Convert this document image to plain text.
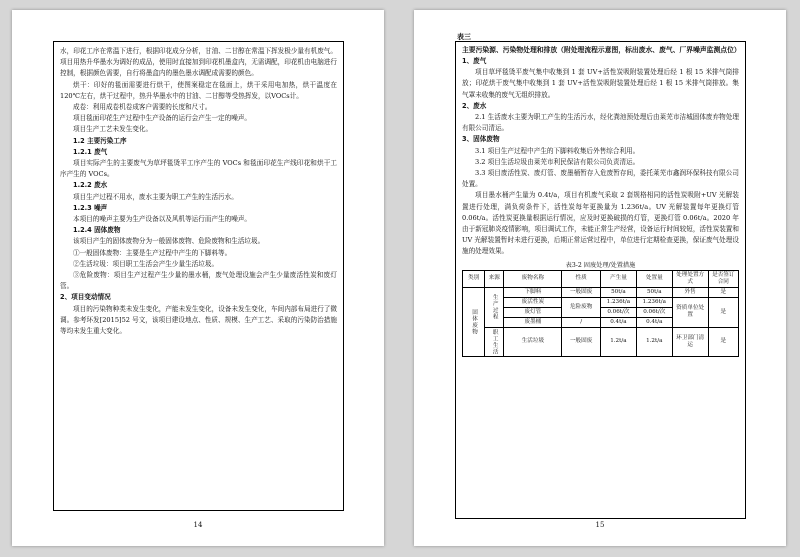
水，印花工序在常温下进行，根据印花成分分析，甘油、二甘醇在常温下挥发极少量有机废气。项目用热升华墨水为调好的成品，使用时直接加到印花机墨盒内，无需调配，印花机由电脑进行控制，根据颜色需要，自行将墨盒内的墨色墨水调配成需要的颜色。

烘干：印好的毯面需要进行烘干，使图案稳定在毯面上，烘干采用电加热，烘干温度在120℃左右，烘干过程中，热升华墨水中的甘油、二甘醇等受热挥发，以VOCs计。

成卷：利用成卷机卷成客户需要的长度和尺寸。

项目毯面印花生产过程中生产设备的运行会产生一定的噪声。

项目生产工艺未发生变化。

1.2 主要污染工序
1.2.1 废气

项目实际产生的主要废气为草坪毯烫平工序产生的 VOCs 和毯面印花生产线印花和烘干工序产生的 VOCs。

1.2.2 废水

项目生产过程不用水，废水主要为职工产生的生活污水。

1.2.3 噪声

本项目的噪声主要为生产设备以及风机等运行而产生的噪声。

1.2.4 固体废物

该项目产生的固体废物分为一般固体废物、危险废物和生活垃圾。

①一般固体废物：主要是生产过程中产生的下脚料等。

②生活垃圾：项目职工生活会产生少量生活垃圾。

③危险废物：项目生产过程产生少量的墨水桶，废气处理设施会产生少量废活性炭和废灯管。

2、项目变动情况

项目的污染物种类未发生变化，产能未发生变化，设备未发生变化，车间内部布局进行了微调。参考环发[2015]52 号文，该项目建设地点、性质、规模、生产工艺、采取的污染防治措施等均未发生重大变化。

14
表三
主要污染源、污染物处理和排放（附处理流程示意图，标出废水、废气、厂界噪声监测点位）
1、废气

项目草坪毯烫平废气集中收集到 1 套 UV+活性炭吸附装置处理后经 1 根 15 米排气筒排放；印花烘干废气集中收集到 1 套 UV+活性炭吸附装置处理后经 1 根 15 米排气筒排放。集气罩未收集的废气无组织排放。

2、废水

2.1 生活废水主要为职工产生的生活污水，经化粪池预处理后由莱芜市洁城固体废弃物处理有限公司清运。

3、固体废物

3.1 项目生产过程中产生的下脚料收集后外售综合利用。

3.2 项目生活垃圾由莱芜市利民保洁有限公司负责清运。

3.3 项目废活性炭、废灯管、废墨桶暂存入危废暂存间，委托莱芜市鑫润环保科技有限公司处置。

项目墨水桶产生量为 0.4t/a，项目有机废气采取 2 套规格相同的活性炭吸附+UV 光解装置进行处理，满负荷条件下，活性炭每年更换量为 1.236t/a。UV 光解装置每年更换灯管 0.06t/a。活性炭更换量根据运行情况，应及时更换破损的灯管，更换灯管 0.06t/a。2020 年由于新冠肺炎疫情影响，项目调试工作，未能正常生产经营，设备运行时间较短，活性炭装置和 UV 光解装置暂时未进行更换，后期正常运营过程中，单位进行定期检查更换，保证废气处理设施的处理效果。

表3-2 固废处理/处置措施
类别	来源	废物名称	性质	产生量	处置量	处理处置方式	是否签订合同

固体废物	生产过程	下脚料	一般固废	50t/a	50t/a	外售	是
		废活性炭	危险废物	1.236t/a	1.236t/a	资质单位处置	是
		废灯管		0.06t/次	0.06t/次		
		废墨桶	/	0.4t/a	0.4t/a		

	职工生活	生活垃圾	一般固废	1.2t/a	1.2t/a	环卫部门清运	是
15
